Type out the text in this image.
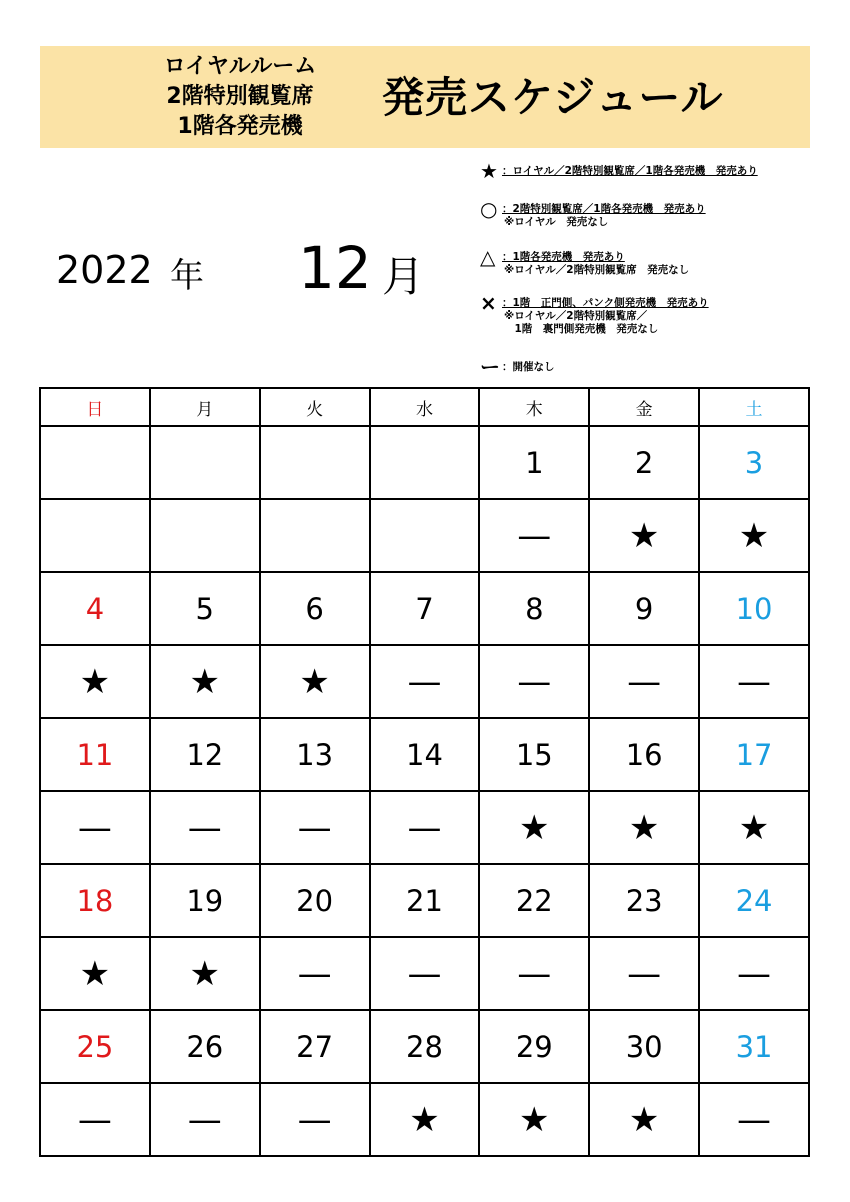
ロイヤルルーム
2階特別観覧席
1階各発売機
発売スケジュール
2022 年 12 月
★ ：ロイヤル／2階特別観覧席／1階各発売機　発売あり
○ ：2階特別観覧席／1階各発売機　発売あり
※ロイヤル　発売なし
△ ：1階各発売機　発売あり
※ロイヤル／2階特別観覧席　発売なし
× ：1階　正門側、パンク側発売機　発売あり
※ロイヤル／2階特別観覧席／
　1階　裏門側発売機　発売なし
ー ：開催なし
日	月	火	水	木	金	土
				1	2	3
				—	★	★
4	5	6	7	8	9	10
★	★	★	—	—	—	—
11	12	13	14	15	16	17
—	—	—	—	★	★	★
18	19	20	21	22	23	24
★	★	—	—	—	—	—
25	26	27	28	29	30	31
—	—	—	★	★	★	—
